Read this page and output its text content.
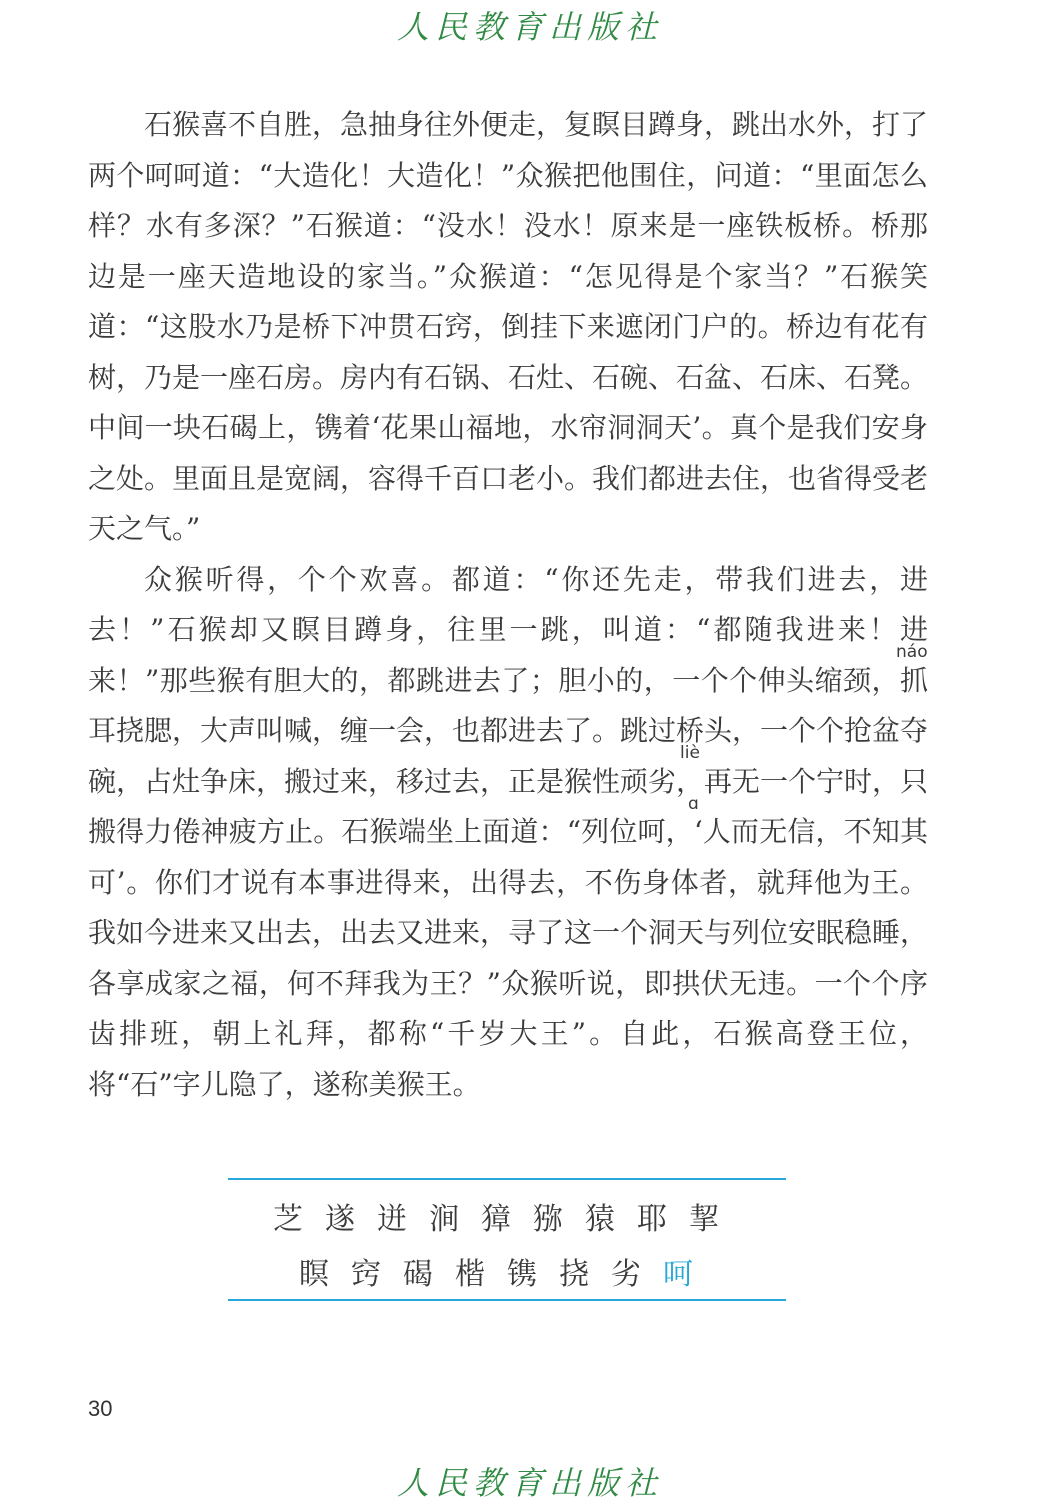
人民教育出版社

石猴喜不自胜，急抽身往外便走，复瞑目蹲身，跳出水外，打了两个呵呵道：“大造化！大造化！”众猴把他围住，问道：“里面怎么样？水有多深？”石猴道：“没水！没水！原来是一座铁板桥。桥那边是一座天造地设的家当。”众猴道：“怎见得是个家当？”石猴笑道：“这股水乃是桥下冲贯石窍，倒挂下来遮闭门户的。桥边有花有树，乃是一座石房。房内有石锅、石灶、石碗、石盆、石床、石凳。中间一块石碣上，镌着‘花果山福地，水帘洞洞天’。真个是我们安身之处。里面且是宽阔，容得千百口老小。我们都进去住，也省得受老天之气。”

众猴听得，个个欢喜。都道：“你还先走，带我们进去，进去！”石猴却又瞑目蹲身，往里一跳，叫道：“都随我进来！进来！”那些猴有胆大的，都跳进去了；胆小的，一个个伸头缩颈，抓耳挠腮，大声叫喊，缠一会，也都进去了。跳过桥头，一个个抢盆夺碗，占灶争床，搬过来，移过去，正是猴性顽劣，再无一个宁时，只搬得力倦神疲方止。石猴端坐上面道：“列位呵，‘人而无信，不知其可’。你们才说有本事进得来，出得去，不伤身体者，就拜他为王。我如今进来又出去，出去又进来，寻了这一个洞天与列位安眠稳睡，各享成家之福，何不拜我为王？”众猴听说，即拱伏无违。一个个序齿排班，朝上礼拜，都称“千岁大王”。自此，石猴高登王位，将“石”字儿隐了，遂称美猴王。

náo
liè
ɑ
芝遂迸涧獐猕猿耶挈
瞑窍碣楷镌挠劣呵
30
人民教育出版社
